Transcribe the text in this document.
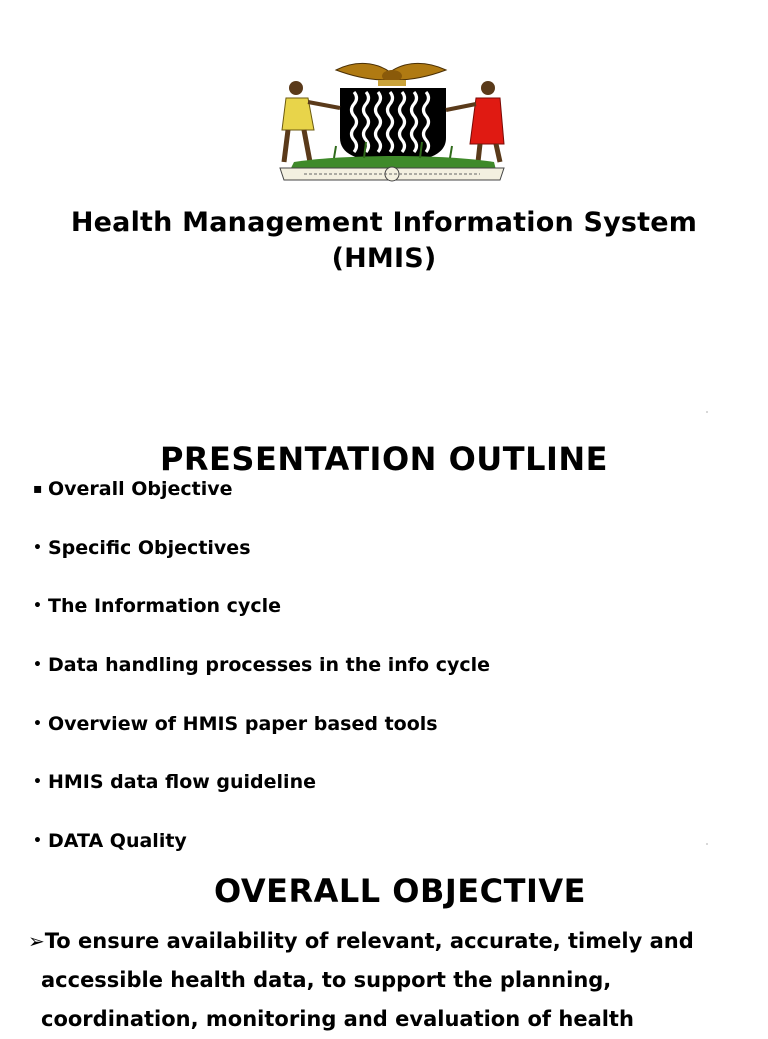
Health Management Information System
(HMIS)
PRESENTATION OUTLINE
▪ Overall Objective
• Specific Objectives
• The Information cycle
• Data handling processes in the info cycle
• Overview of HMIS paper based tools
• HMIS data flow guideline
• DATA Quality
OVERALL OBJECTIVE
➢To ensure availability of relevant, accurate, timely and
accessible health data, to support the planning,
coordination, monitoring and evaluation of health
